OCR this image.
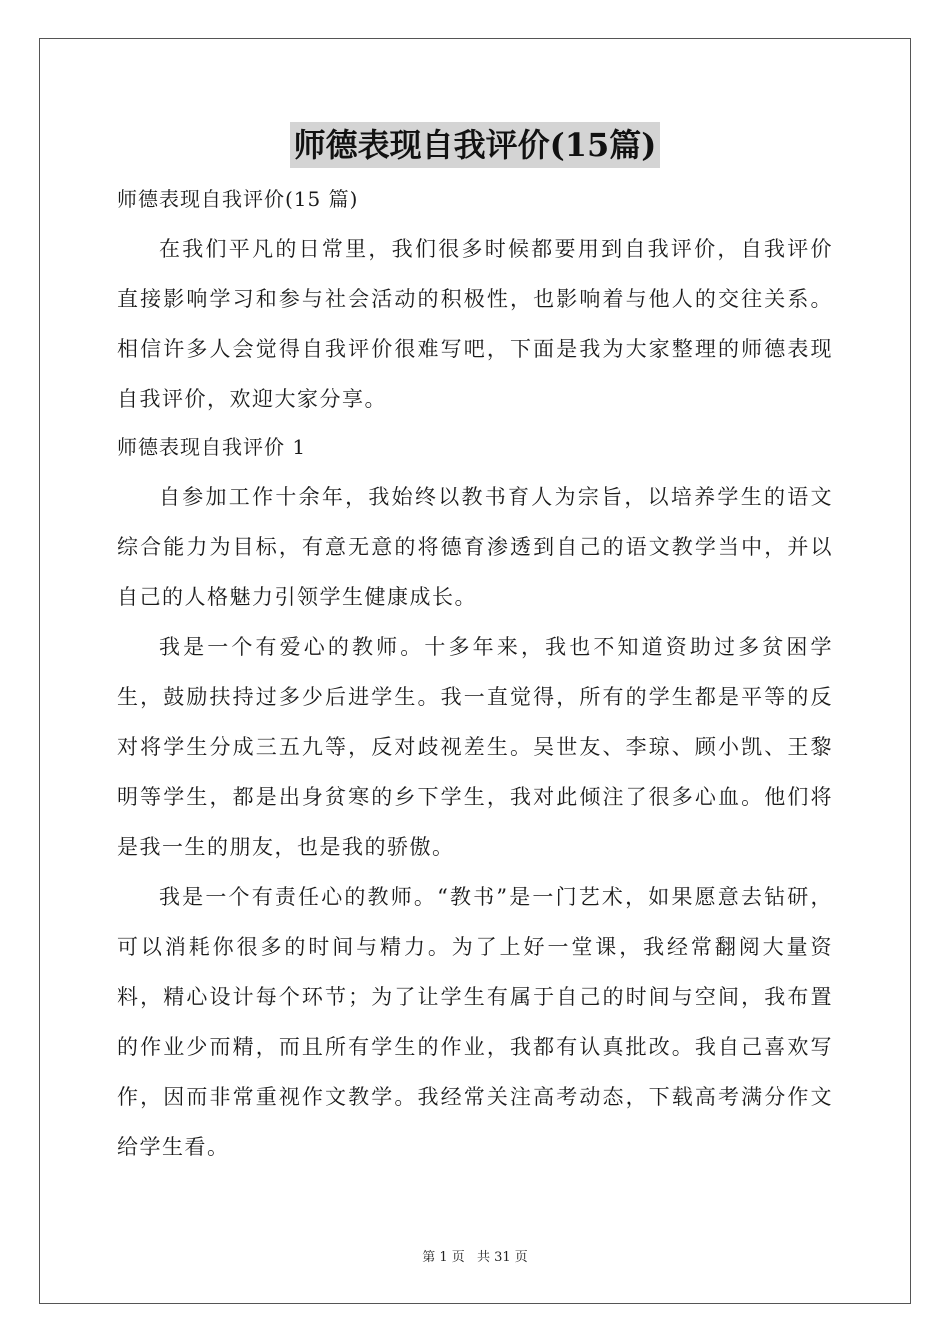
师德表现自我评价(15篇)
师德表现自我评价(15 篇)

在我们平凡的日常里，我们很多时候都要用到自我评价，自我评价直接影响学习和参与社会活动的积极性，也影响着与他人的交往关系。相信许多人会觉得自我评价很难写吧，下面是我为大家整理的师德表现自我评价，欢迎大家分享。

师德表现自我评价 1

自参加工作十余年，我始终以教书育人为宗旨，以培养学生的语文综合能力为目标，有意无意的将德育渗透到自己的语文教学当中，并以自己的人格魅力引领学生健康成长。

我是一个有爱心的教师。十多年来，我也不知道资助过多贫困学生，鼓励扶持过多少后进学生。我一直觉得，所有的学生都是平等的反对将学生分成三五九等，反对歧视差生。吴世友、李琼、顾小凯、王黎明等学生，都是出身贫寒的乡下学生，我对此倾注了很多心血。他们将是我一生的朋友，也是我的骄傲。

我是一个有责任心的教师。“教书”是一门艺术，如果愿意去钻研，可以消耗你很多的时间与精力。为了上好一堂课，我经常翻阅大量资料，精心设计每个环节；为了让学生有属于自己的时间与空间，我布置的作业少而精，而且所有学生的作业，我都有认真批改。我自己喜欢写作，因而非常重视作文教学。我经常关注高考动态，下载高考满分作文给学生看。

第 1 页 共 31 页
